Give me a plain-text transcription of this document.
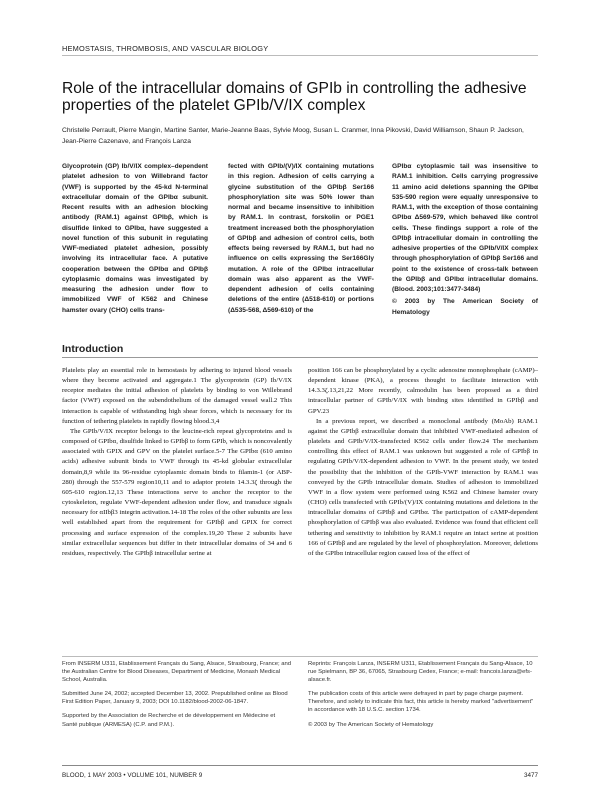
HEMOSTASIS, THROMBOSIS, AND VASCULAR BIOLOGY
Role of the intracellular domains of GPIb in controlling the adhesive properties of the platelet GPIb/V/IX complex
Christelle Perrault, Pierre Mangin, Martine Santer, Marie-Jeanne Baas, Sylvie Moog, Susan L. Cranmer, Inna Pikovski, David Williamson, Shaun P. Jackson, Jean-Pierre Cazenave, and François Lanza
Glycoprotein (GP) Ib/V/IX complex–dependent platelet adhesion to von Willebrand factor (VWF) is supported by the 45-kd N-terminal extracellular domain of the GPIbα subunit. Recent results with an adhesion blocking antibody (RAM.1) against GPIbβ, which is disulfide linked to GPIbα, have suggested a novel function of this subunit in regulating VWF-mediated platelet adhesion, possibly involving its intracellular face. A putative cooperation between the GPIbα and GPIbβ cytoplasmic domains was investigated by measuring the adhesion under flow to immobilized VWF of K562 and Chinese hamster ovary (CHO) cells trans-
fected with GPIb/(V)/IX containing mutations in this region. Adhesion of cells carrying a glycine substitution of the GPIbβ Ser166 phosphorylation site was 50% lower than normal and became insensitive to inhibition by RAM.1. In contrast, forskolin or PGE1 treatment increased both the phosphorylation of GPIbβ and adhesion of control cells, both effects being reversed by RAM.1, but had no influence on cells expressing the Ser166Gly mutation. A role of the GPIbα intracellular domain was also apparent as the VWF-dependent adhesion of cells containing deletions of the entire (Δ518-610) or portions (Δ535-568, Δ569-610) of the
GPIbα cytoplasmic tail was insensitive to RAM.1 inhibition. Cells carrying progressive 11 amino acid deletions spanning the GPIbα 535-590 region were equally unresponsive to RAM.1, with the exception of those containing GPIbα Δ569-579, which behaved like control cells. These findings support a role of the GPIbβ intracellular domain in controlling the adhesive properties of the GPIb/V/IX complex through phosphorylation of GPIbβ Ser166 and point to the existence of cross-talk between the GPIbβ and GPIbα intracellular domains. (Blood. 2003;101:3477-3484)
© 2003 by The American Society of Hematology
Introduction

Platelets play an essential role in hemostasis by adhering to injured blood vessels where they become activated and aggregate.1 The glycoprotein (GP) Ib/V/IX receptor mediates the initial adhesion of platelets by binding to von Willebrand factor (VWF) exposed on the subendothelium of the damaged vessel wall.2 This interaction is capable of withstanding high shear forces, which is necessary for its function of tethering platelets in rapidly flowing blood.3,4

The GPIb/V/IX receptor belongs to the leucine-rich repeat glycoproteins and is composed of GPIbα, disulfide linked to GPIbβ to form GPIb, which is noncovalently associated with GPIX and GPV on the platelet surface.5-7 The GPIbα (610 amino acids) adhesive subunit binds to VWF through its 45-kd globular extracellular domain,8,9 while its 96-residue cytoplasmic domain binds to filamin-1 (or ABP-280) through the 557-579 region10,11 and to adaptor protein 14.3.3ζ through the 605-610 region.12,13 These interactions serve to anchor the receptor to the cytoskeleton, regulate VWF-dependent adhesion under flow, and transduce signals necessary for αIIbβ3 integrin activation.14-18 The roles of the other subunits are less well established apart from the requirement for GPIbβ and GPIX for correct processing and surface expression of the complex.19,20 These 2 subunits have similar extracellular sequences but differ in their intracellular domains of 34 and 6 residues, respectively. The GPIbβ intracellular serine at

position 166 can be phosphorylated by a cyclic adenosine monophosphate (cAMP)–dependent kinase (PKA), a process thought to facilitate interaction with 14.3.3ζ.13,21,22 More recently, calmodulin has been proposed as a third intracellular partner of GPIb/V/IX with binding sites identified in GPIbβ and GPV.23

In a previous report, we described a monoclonal antibody (MoAb) RAM.1 against the GPIbβ extracellular domain that inhibited VWF-mediated adhesion of platelets and GPIb/V/IX-transfected K562 cells under flow.24 The mechanism controlling this effect of RAM.1 was unknown but suggested a role of GPIbβ in regulating GPIb/V/IX-dependent adhesion to VWF. In the present study, we tested the possibility that the inhibition of the GPIb-VWF interaction by RAM.1 was conveyed by the GPIb intracellular domain. Studies of adhesion to immobilized VWF in a flow system were performed using K562 and Chinese hamster ovary (CHO) cells transfected with GPIb/(V)/IX containing mutations and deletions in the intracellular domains of GPIbβ and GPIbα. The participation of cAMP-dependent phosphorylation of GPIbβ was also evaluated. Evidence was found that efficient cell tethering and sensitivity to inhibition by RAM.1 require an intact serine at position 166 of GPIbβ and are regulated by the level of phosphorylation. Moreover, deletions of the GPIbα intracellular region caused loss of the effect of

From INSERM U311, Etablissement Français du Sang, Alsace, Strasbourg, France; and the Australian Centre for Blood Diseases, Department of Medicine, Monash Medical School, Australia.

Submitted June 24, 2002; accepted December 13, 2002. Prepublished online as Blood First Edition Paper, January 9, 2003; DOI 10.1182/blood-2002-06-1847.

Supported by the Association de Recherche et de développement en Médecine et Santé publique (ARMESA) (C.P. and P.M.).

Reprints: François Lanza, INSERM U311, Etablissement Français du Sang-Alsace, 10 rue Spielmann, BP 36, 67065, Strasbourg Cedex, France; e-mail: francois.lanza@efs-alsace.fr.

The publication costs of this article were defrayed in part by page charge payment. Therefore, and solely to indicate this fact, this article is hereby marked "advertisement" in accordance with 18 U.S.C. section 1734.

© 2003 by The American Society of Hematology

BLOOD, 1 MAY 2003 • VOLUME 101, NUMBER 9	3477
